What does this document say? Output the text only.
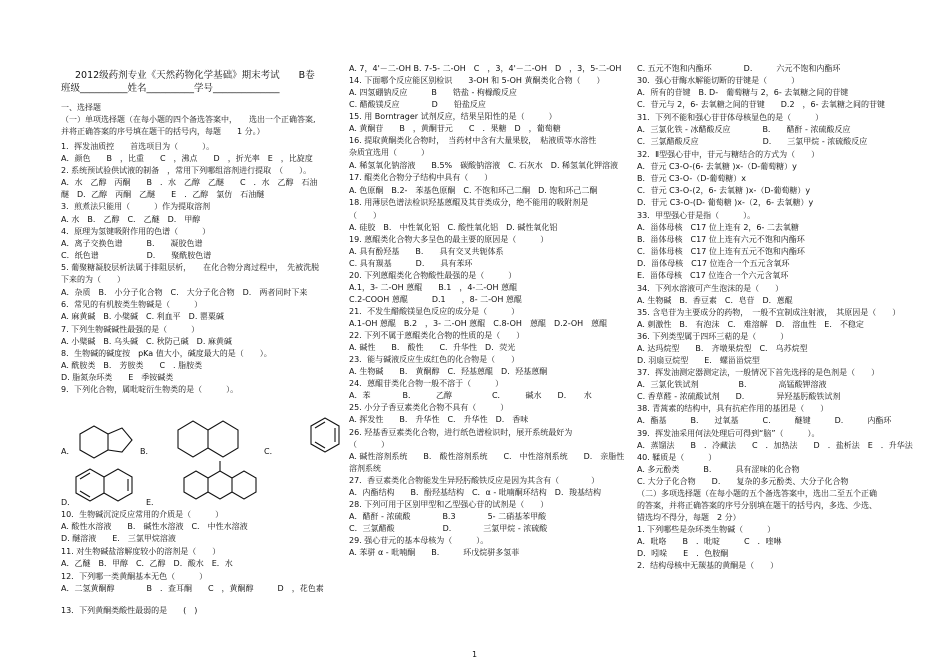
2012级药剂专业《天然药物化学基础》期末考试　　B卷
班级__________姓名__________学号______________
一、选择题
（一）单项选择题（在每小题的四个备选答案中，　　选出一个正确答案,
并将正确答案的序号填在题干的括号内，每题　　1 分。）
1．挥发油质控　　首选项目为（　　　）。
A．颜色　　B　，比重　　C　，沸点　　D　，折光率　E　，比旋度
2. 系统预试验供试液的制备　，常用下列哪组溶剂进行提取　（　　）。
A．水　乙醇　丙酮　　B　．水　乙醇　乙醚　　C　．水　乙醇　石油
醚　D．乙醇　丙酮　乙醚　　E　．乙醇　氯仿　石油醚
3．煎煮法只能用（　　　）作为提取溶剂
A. 水　B.　乙醇　C.　乙醚　D.　甲醇
4．原理为氢键吸附作用的色谱（　　　）
A．离子交换色谱　　　B.　　凝胶色谱
C．纸色谱　　　　　　D.　　聚酰胺色谱
5. 葡聚糖凝胶层析法属于排阻层析，　　在化合物分离过程中，　先被洗脱
下来的为（　　）
A．杂质　B.　小分子化合物　C.　大分子化合物　D.　两者同时下来
6．常见的有机胺类生物碱是（　　　）
A. 麻黄碱　B. 小檗碱　C. 利血平　D. 罂粟碱
7. 下列生物碱碱性最强的是（　　　）
A. 小檗碱　B. 乌头碱　C. 秋防己碱　D. 麻黄碱
8．生物碱的碱度按　pKa 值大小，碱度最大的是（　　）。
A. 酰胺类　B.　芳胺类　　C　. 脂胺类
D. 脂氮杂环类　　E　季铵碱类
9．下列化合物，属吡啶衍生物类的是（　　　）。
10．生物碱沉淀反应常用的介质是（　　　）
A. 酸性水溶液　　B.　碱性水溶液　C.　中性水溶液
D. 醚溶液　　E.　三氯甲烷溶液
11. 对生物碱盐溶解度较小的溶剂是（　　）
A．乙醚　B．甲醇　C．乙醇　D．酸水　E．水
12．下列哪一类黄酮基本无色（　　　）
A．二氢黄酮醇　　　　B　．查耳酮　　C　，黄酮醇　　　D　，花色素
13．下列黄酮类酸性最弱的是　　(　)
A. 7，4'－二-OH B. 7-5- 二-OH　C　，3，4'－二-OH　D　，3，5-二-OH
14. 下面哪个反应能区别检识　　3-OH 和 5-OH 黄酮类化合物（　　）
A. 四氢硼钠反应　　　B　　锆盐 - 枸橼酸反应
C. 醋酸镁反应　　　　D　　铅盐反应
15. 用 Borntrager 试剂反应，结果呈阳性的是（　　　）
A. 黄酮苷　　B　，黄酮苷元　　C　．果糖　D　，葡萄糖
16. 提取黄酮类化合物时，　当药材中含有大量果胶，　粘液质等水溶性
杂质宜选用（　　　）
A. 稀氢氧化钠溶液　　B.5%　碳酸钠溶液　C. 石灰水　D. 稀氢氧化钾溶液
17. 醌类化合物分子结构中具有（　　）
A. 色原酮　B.2-　苯基色原酮　C. 不饱和环己二酮　D. 饱和环己二酮
18. 用薄层色谱法检识羟基蒽醌及其苷类成分，绝不能用的吸附剂是
（　　）
A. 硅胶　B.　中性氧化铝　C. 酸性氧化铝　D. 碱性氧化铝
19. 蒽醌类化合物大多呈色的最主要的原因是（　　　）
A. 具有酚羟基　　B.　　具有交叉共轭体系
C. 具有羰基　　　D.　　具有苯环
20. 下列蒽醌类化合物酸性最强的是（　　　）
A.1，3- 二-OH 蒽醌　　B.1　，4-二-OH 蒽醌
C.2-COOH 蒽醌　　　D.1　　，8- 二-OH 蒽醌
21．不发生醋酸镁显色反应的成分是（　　　）
A.1-OH 蒽醌　B.2　，3- 二-OH 蒽醌　C.8-OH　蒽醌　D.2-OH　蒽醌
22. 下列不属于蒽醌类化合物的性质的是（　　）
A. 碱性　　B.　酸性　　C．升华性　D．荧光
23．能与碱液反应生成红色的化合物是（　　）
A. 生物碱　　B.　黄酮醇　C．羟基蒽醌　D．羟基蒽酮
24．蒽醌苷类化合物一般不溶于（　　　）
A．苯　　　　B．　　　乙醇　　　　　C．　　　碱水　　D．　　水
25. 小分子香豆素类化合物不具有（　　　）
A. 挥发性　　B.　升华性　C.　升华性　D.　香味
26. 羟基香豆素类化合物，进行纸色谱检识时，展开系统最好为
（　　　）
A. 碱性溶剂系统　　B.　酸性溶剂系统　　C.　中性溶剂系统　　D.　亲脂性
溶剂系统
27．香豆素类化合物能发生异羟肟酸铁反应是因为其含有（　　　　）
A．内酯结构　　B．酚羟基结构　C．α - 吡喃酮环结构　D．羧基结构
28. 下列可用于区别甲型和乙型强心苷的试剂是（　　）
A．醋酐 - 浓硫酸　　　　B.3　　　　5- 二硝基苯甲酸
C．三氯醋酸　　　　　　D.　　　　三氯甲烷 - 浓硫酸
29. 强心苷元的基本母核为（　　　）。
A. 苯骈 α - 吡喃酮　　B.　　　环戊烷骈多氢菲
C. 五元不饱和内酯环　　　　D.　　　六元不饱和内酯环
30．强心苷酶水解能切断的苷键是（　　　）
A．所有的苷键　B. D-　葡萄糖与 2，6- 去氧糖之间的苷键
C．苷元与 2，6- 去氧糖之间的苷键　　D.2　，6- 去氧糖之间的苷键
31．下列不能和强心苷苷体母核显色的是（　　　）
A．三氯化铁 - 冰醋酸反应　　　　B.　　醋酐 - 浓硫酸反应
C．三氯醋酸反应　　　　　　　　D.　　三氯甲烷 - 浓硫酸反应
32．Ⅱ型强心苷中，苷元与糖结合的方式为（　　）
A．苷元 C3-O-(6- 去氧糖 )x-（D-葡萄糖）y
B．苷元 C3-O-（D-葡萄糖）x
C．苷元 C3-O-(2，6- 去氧糖 )x-（D-葡萄糖）y
D．苷元 C3-O-(D- 葡萄糖 )x-（2，6- 去氧糖）y
33．甲型强心苷是指（　　　）。
A．甾体母核　C17 位上连有 2，6- 二去氧糖
B．甾体母核　C17 位上连有六元不饱和内酯环
C．甾体母核　C17 位上连有五元不饱和内酯环
D．甾体母核　C17 位连合一个五元含氧环
E．甾体母核　C17 位连合一个六元含氧环
34．下列水溶液可产生泡沫的是（　　）
A. 生物碱　B．香豆素　C．皂苷　D．蒽醌
35. 含皂苷为主要成分的药物，　一般不宜制成注射液，　其原因是（　　）
A. 刺激性　B.　有泡沫　C.　难溶解　D.　溶血性　E.　不稳定
36. 下列类型属于四环三萜的是（　　　）
A. 达玛烷型　　B.　齐墩果烷型　C.　乌苏烷型
D. 羽扇豆烷型　　E.　螺甾甾烷型
37．挥发油测定器测定法，一般情况下首先选择的是色剂是（　　）
A．三氯化铁试剂　　　　　B.　　　　高锰酸钾溶液
C. 香草醛 - 浓硫酸试剂　　D.　　　　异羟基肟酸铁试剂
38. 青蒿素的结构中，具有抗疟作用的基团是（　　）
A．酯基　　　B.　　过氧基　　　C.　　　醚键　　　D.　　　内酯环
39．挥发油采用何法处理后可得到“脑”（　　　）。
A．蒸馏法　　B　．冷藏法　　C　．加热法　　D　．盐析法　E　．升华法
40. 鞣质是（　　　）
A. 多元酚类　　　B.　　　具有涩味的化合物
C. 大分子化合物　　D.　　复杂的多元酚类、大分子化合物
（二）多项选择题（在每小题的五个备选答案中，选出二至五个正确
的答案，并将正确答案的序号分别填在题干的括号内，多选、少选、
错选均不得分，每题　2 分）
1. 下列哪些是杂环类生物碱（　　　）
A．吡咯　　B　．吡啶　　　C　．喹啉
D．吲哚　　E　．色胺酮
2．结构母核中无羰基的黄酮是（　　）
A．	B．	C．
D．	E．
1
